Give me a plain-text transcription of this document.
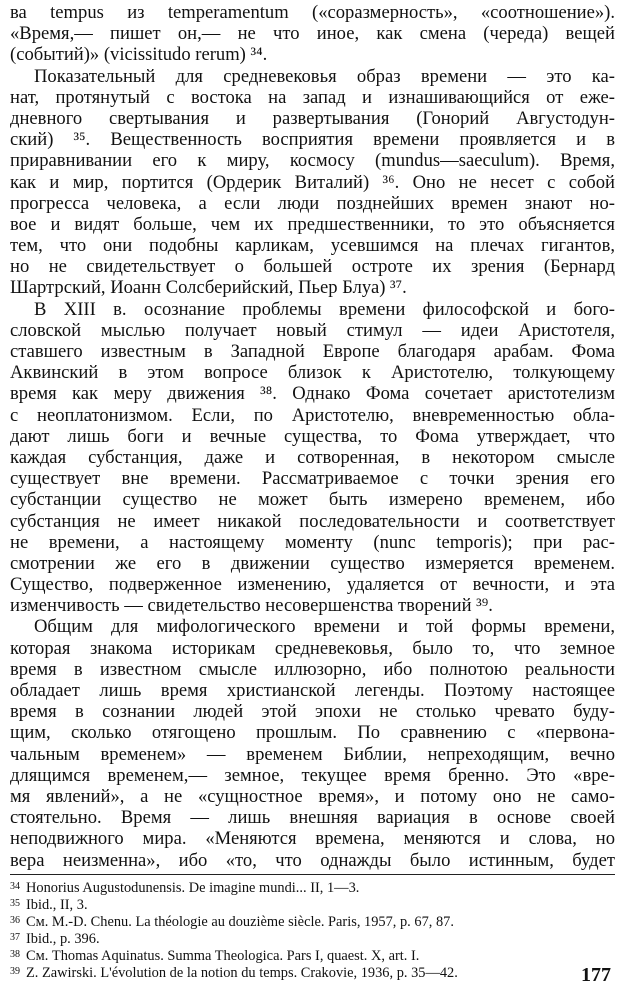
ва tempus из temperamentum («соразмерность», «соотношение»).
«Время,— пишет он,— не что иное, как смена (череда) вещей
(событий)» (vicissitudo rerum) ³⁴.
Показательный для средневековья образ времени — это ка-
нат, протянутый с востока на запад и изнашивающийся от еже-
дневного свертывания и развертывания (Гонорий Августодун-
ский) ³⁵. Вещественность восприятия времени проявляется и в
приравнивании его к миру, космосу (mundus—saeculum). Время,
как и мир, портится (Ордерик Виталий) ³⁶. Оно не несет с собой
прогресса человека, а если люди позднейших времен знают но-
вое и видят больше, чем их предшественники, то это объясняется
тем, что они подобны карликам, усевшимся на плечах гигантов,
но не свидетельствует о большей остроте их зрения (Бернард
Шартрский, Иоанн Солсберийский, Пьер Блуа) ³⁷.
В XIII в. осознание проблемы времени философской и бого-
словской мыслью получает новый стимул — идеи Аристотеля,
ставшего известным в Западной Европе благодаря арабам. Фома
Аквинский в этом вопросе близок к Аристотелю, толкующему
время как меру движения ³⁸. Однако Фома сочетает аристотелизм
с неоплатонизмом. Если, по Аристотелю, вневременностью обла-
дают лишь боги и вечные существа, то Фома утверждает, что
каждая субстанция, даже и сотворенная, в некотором смысле
существует вне времени. Рассматриваемое с точки зрения его
субстанции существо не может быть измерено временем, ибо
субстанция не имеет никакой последовательности и соответствует
не времени, а настоящему моменту (nunc temporis); при рас-
смотрении же его в движении существо измеряется временем.
Существо, подверженное изменению, удаляется от вечности, и эта
изменчивость — свидетельство несовершенства творений ³⁹.
Общим для мифологического времени и той формы времени,
которая знакома историкам средневековья, было то, что земное
время в известном смысле иллюзорно, ибо полнотою реальности
обладает лишь время христианской легенды. Поэтому настоящее
время в сознании людей этой эпохи не столько чревато буду-
щим, сколько отягощено прошлым. По сравнению с «первона-
чальным временем» — временем Библии, непреходящим, вечно
длящимся временем,— земное, текущее время бренно. Это «вре-
мя явлений», а не «сущностное время», и потому оно не само-
стоятельно. Время — лишь внешняя вариация в основе своей
неподвижного мира. «Меняются времена, меняются и слова, но
вера неизменна», ибо «то, что однажды было истинным, будет
34 Honorius Augustodunensis. De imagine mundi... II, 1—3.
35 Ibid., II, 3.
36 См. M.-D. Chenu. La théologie au douzième siècle. Paris, 1957, p. 67, 87.
37 Ibid., p. 396.
38 См. Thomas Aquinatus. Summa Theologica. Pars I, quaest. X, art. I.
39 Z. Zawirski. L'évolution de la notion du temps. Crakovie, 1936, p. 35—42.	177
